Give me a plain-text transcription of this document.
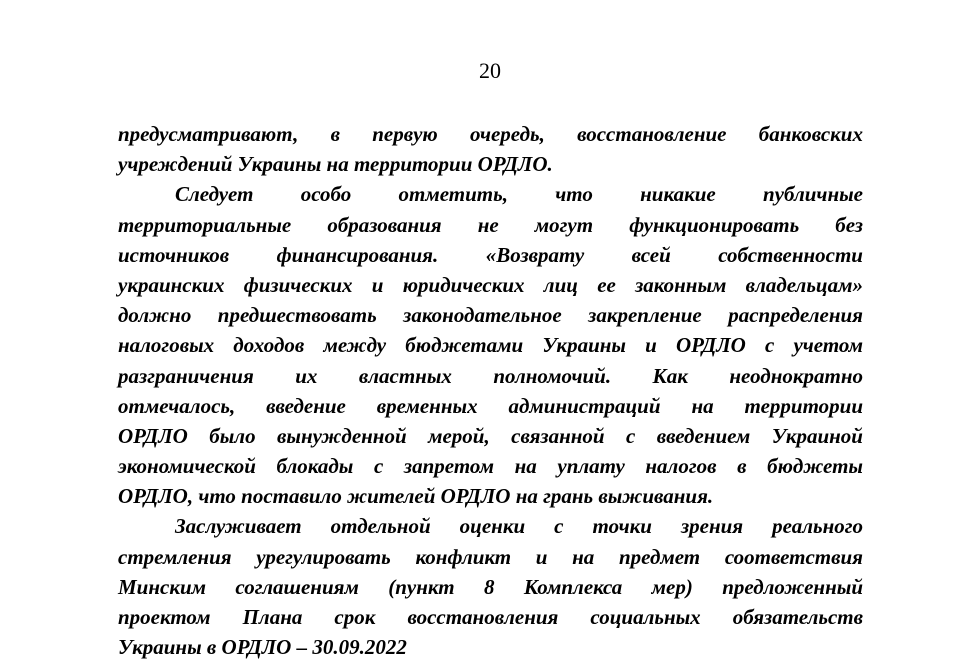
20
предусматривают, в первую очередь, восстановление банковских
учреждений Украины на территории ОРДЛО.
Следует особо отметить, что никакие публичные
территориальные образования не могут функционировать без
источников финансирования. «Возврату всей собственности
украинских физических и юридических лиц ее законным владельцам»
должно предшествовать законодательное закрепление распределения
налоговых доходов между бюджетами Украины и ОРДЛО с учетом
разграничения их властных полномочий. Как неоднократно
отмечалось, введение временных администраций на территории
ОРДЛО было вынужденной мерой, связанной с введением Украиной
экономической блокады с запретом на уплату налогов в бюджеты
ОРДЛО, что поставило жителей ОРДЛО на грань выживания.
Заслуживает отдельной оценки с точки зрения реального
стремления урегулировать конфликт и на предмет соответствия
Минским соглашениям (пункт 8 Комплекса мер) предложенный
проектом Плана срок восстановления социальных обязательств
Украины в ОРДЛО – 30.09.2022
